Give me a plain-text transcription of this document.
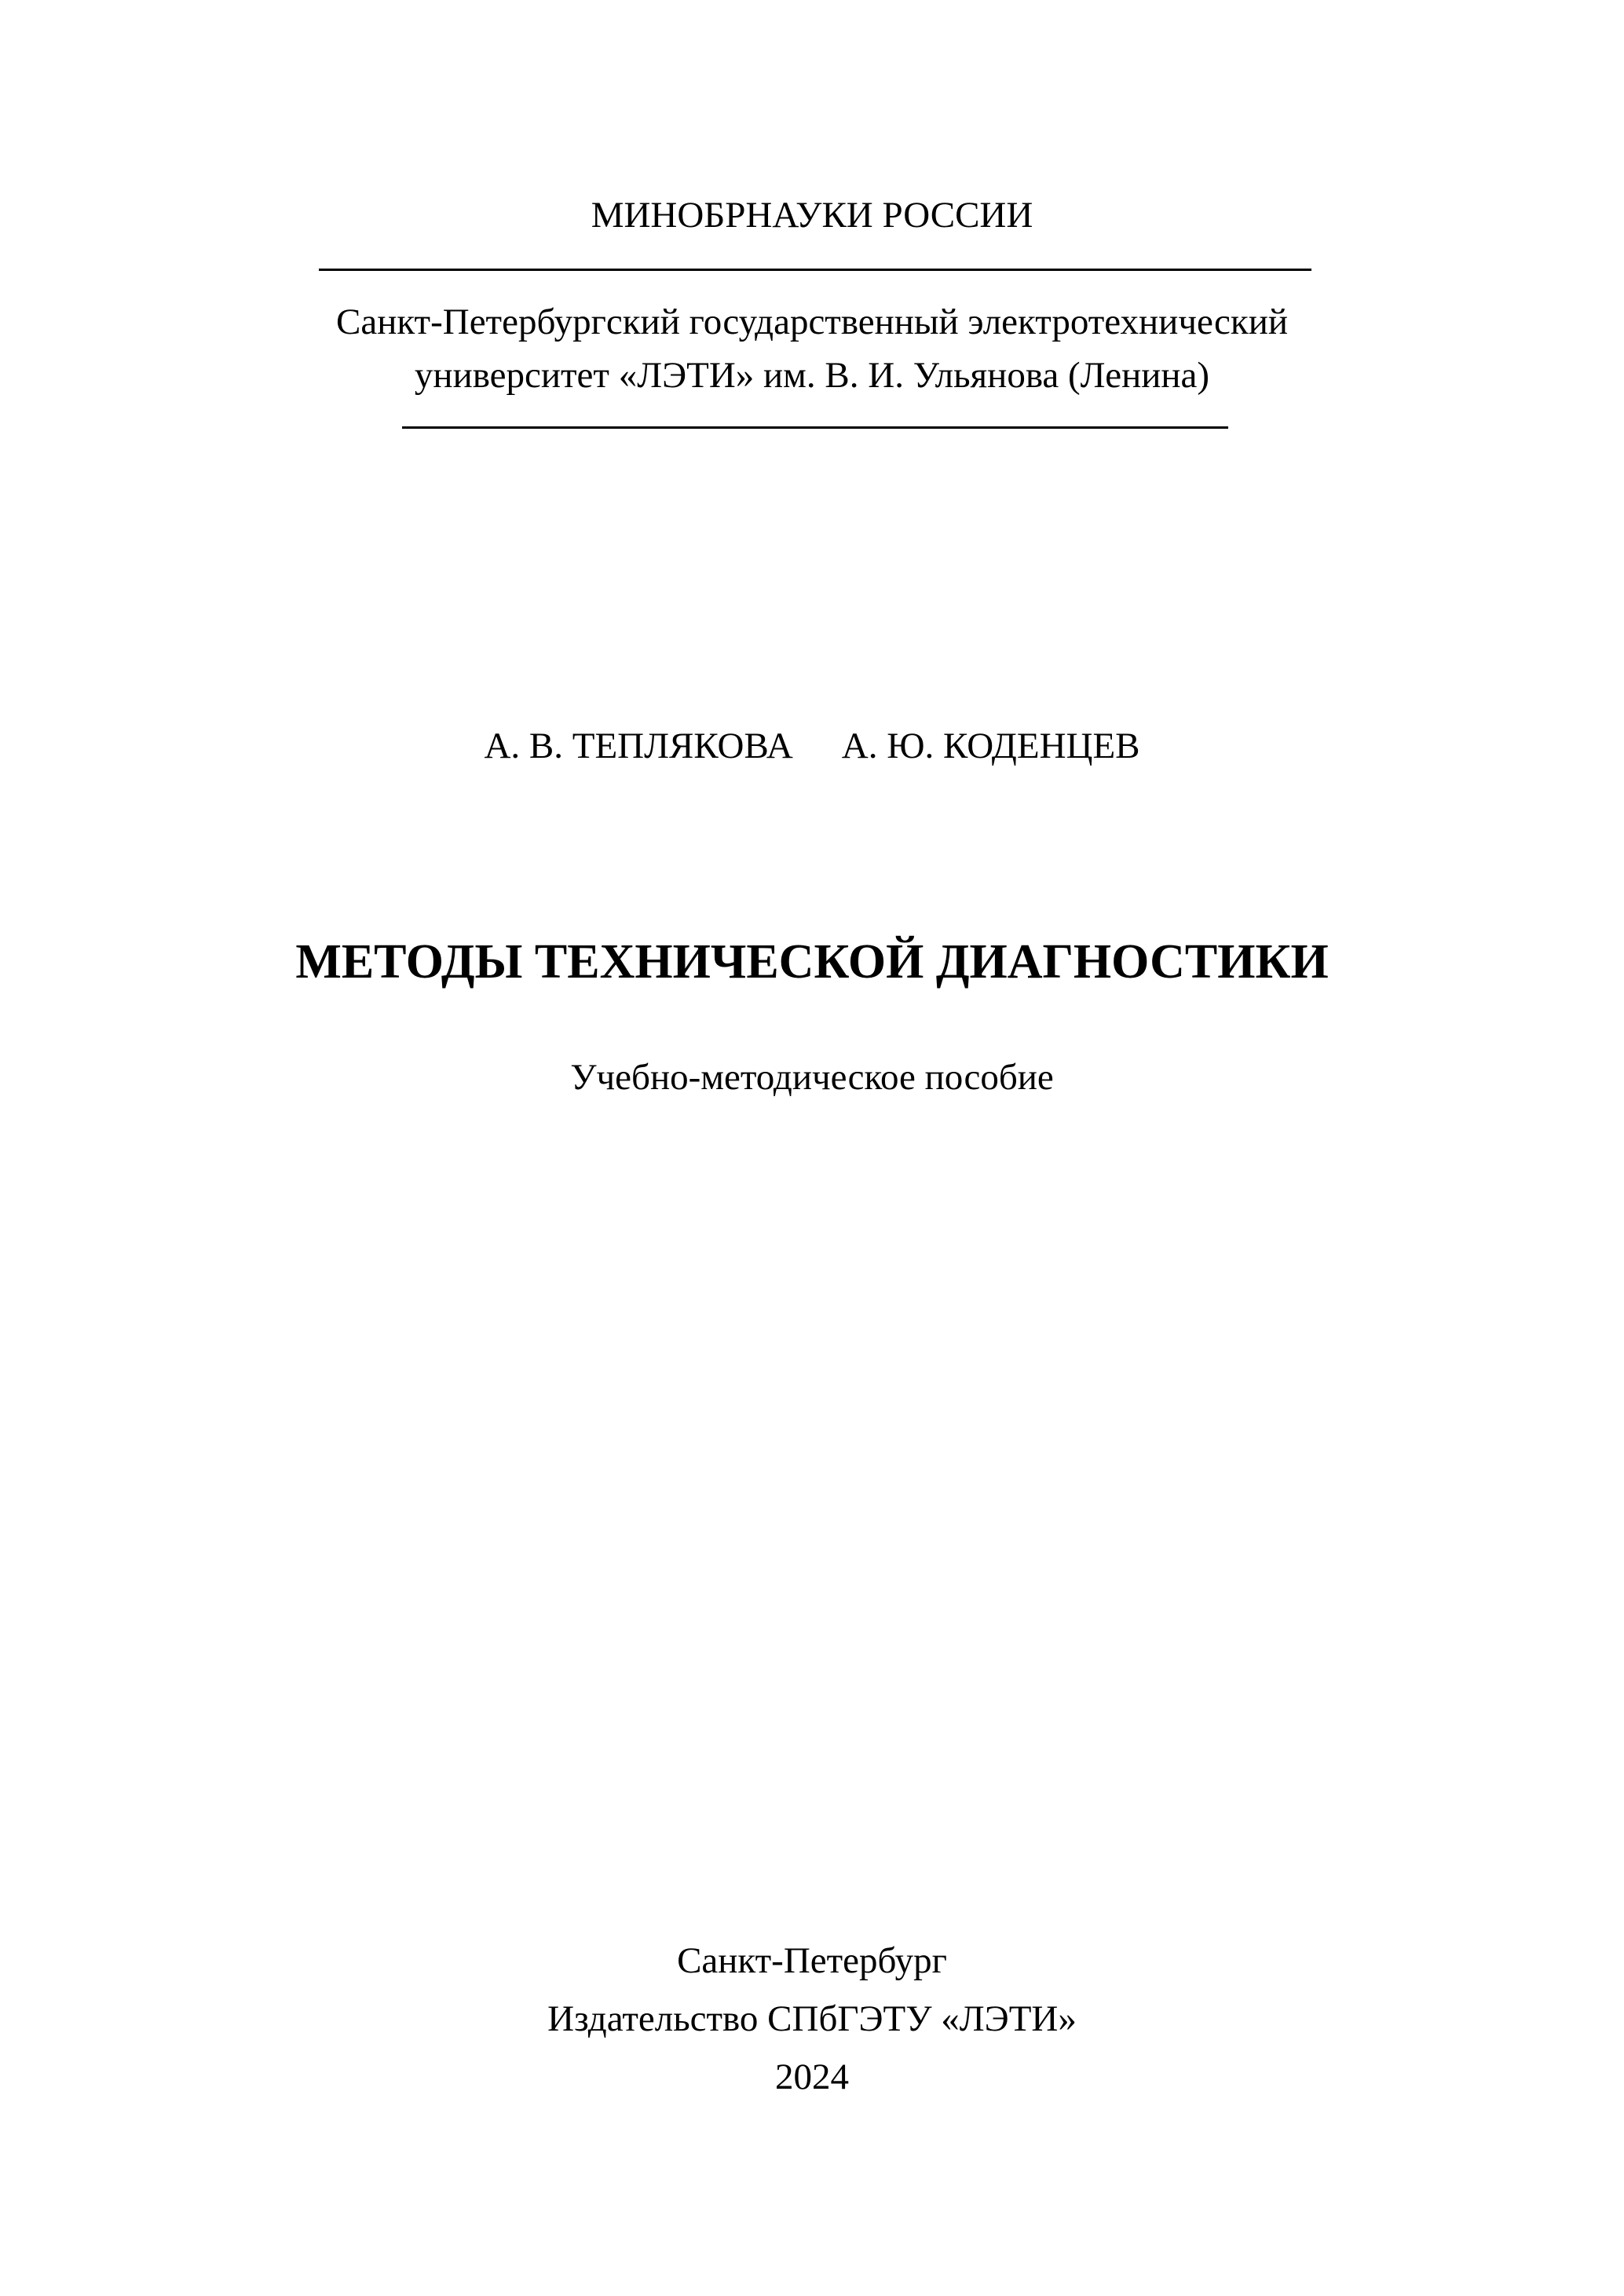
МИНОБРНАУКИ РОССИИ
Санкт-Петербургский государственный электротехнический
университет «ЛЭТИ» им. В. И. Ульянова (Ленина)
А. В. ТЕПЛЯКОВА А. Ю. КОДЕНЦЕВ
МЕТОДЫ ТЕХНИЧЕСКОЙ ДИАГНОСТИКИ
Учебно-методическое пособие
Санкт-Петербург
Издательство СПбГЭТУ «ЛЭТИ»
2024
